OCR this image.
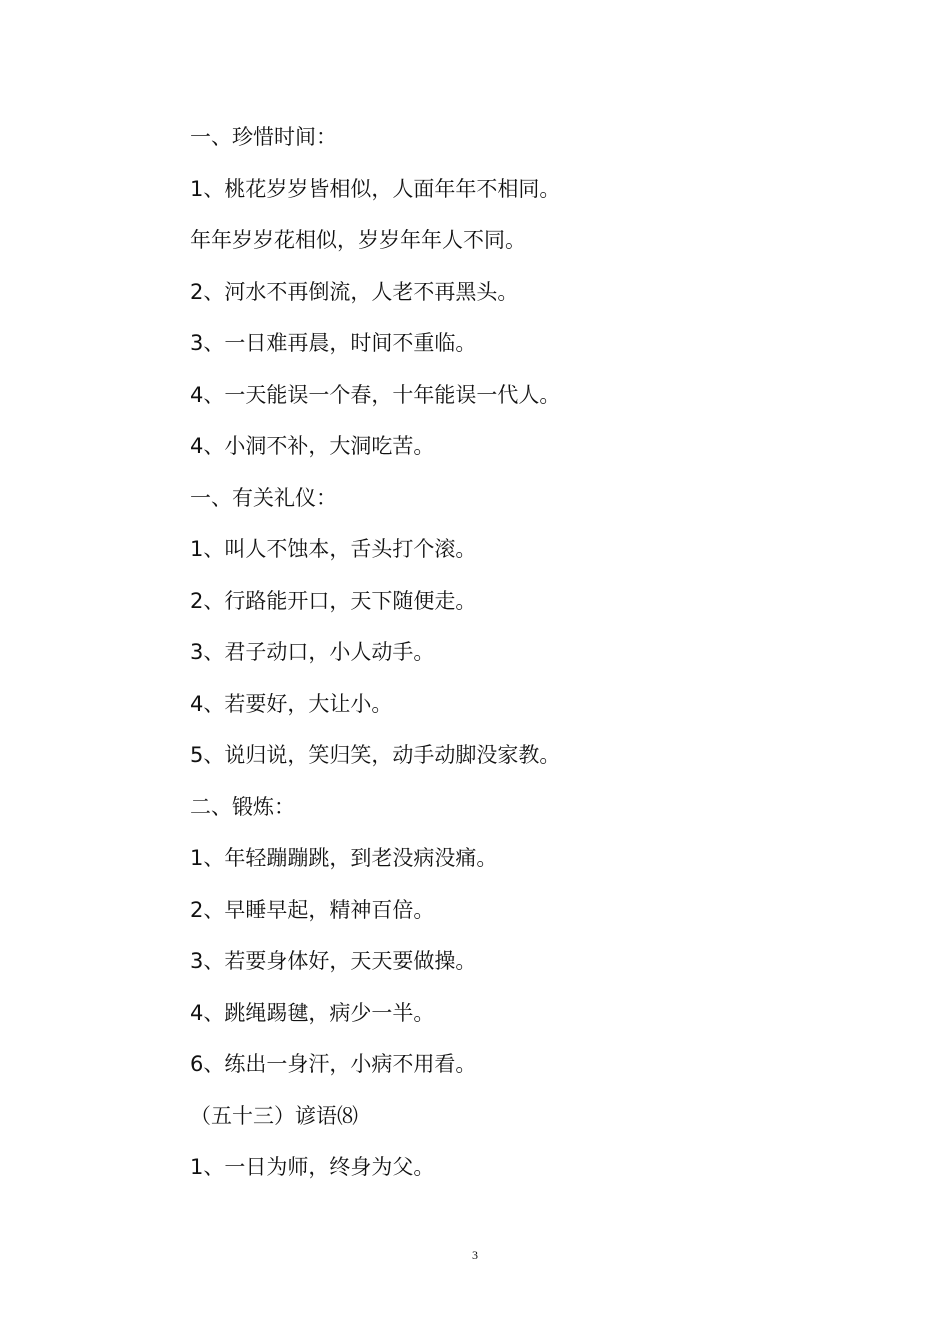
一、珍惜时间：
1、桃花岁岁皆相似，人面年年不相同。
年年岁岁花相似，岁岁年年人不同。
2、河水不再倒流，人老不再黑头。
3、一日难再晨，时间不重临。
4、一天能误一个春，十年能误一代人。
4、小洞不补，大洞吃苦。
一、有关礼仪：
1、叫人不蚀本，舌头打个滚。
2、行路能开口，天下随便走。
3、君子动口，小人动手。
4、若要好，大让小。
5、说归说，笑归笑，动手动脚没家教。
二、锻炼：
1、年轻蹦蹦跳，到老没病没痛。
2、早睡早起，精神百倍。
3、若要身体好，天天要做操。
4、跳绳踢毽，病少一半。
6、练出一身汗，小病不用看。
（五十三）谚语⑻
1、一日为师，终身为父。
3
